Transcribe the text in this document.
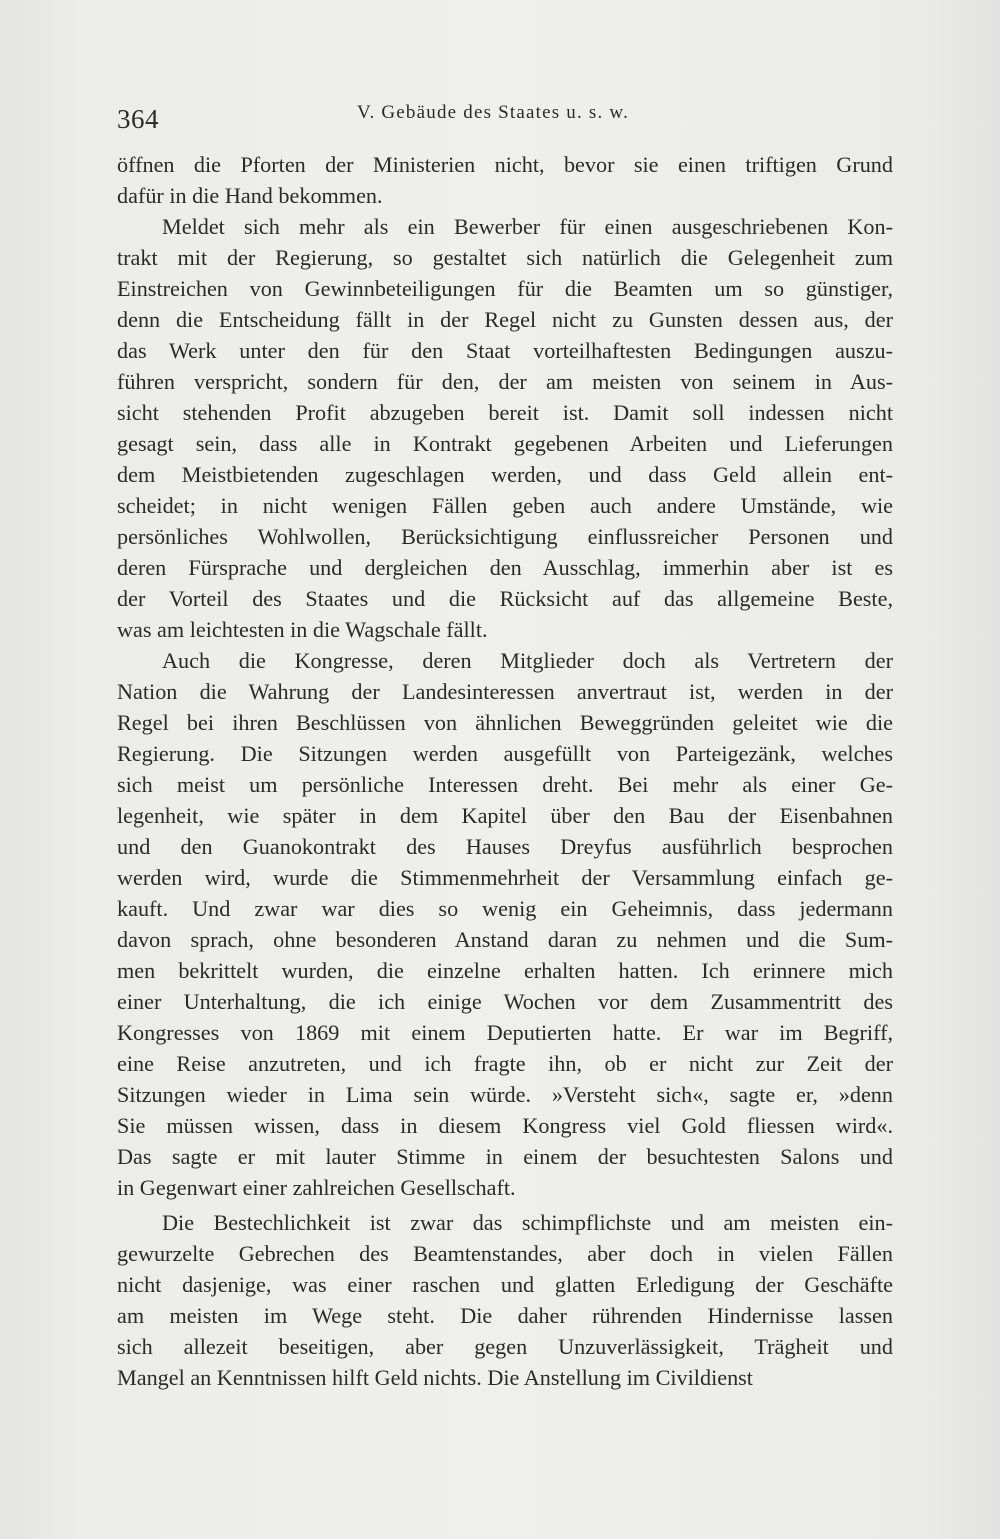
364	V. Gebäude des Staates u. s. w.
öffnen die Pforten der Ministerien nicht, bevor sie einen triftigen Grund
dafür in die Hand bekommen.
Meldet sich mehr als ein Bewerber für einen ausgeschriebenen Kon-
trakt mit der Regierung, so gestaltet sich natürlich die Gelegenheit zum
Einstreichen von Gewinnbeteiligungen für die Beamten um so günstiger,
denn die Entscheidung fällt in der Regel nicht zu Gunsten dessen aus, der
das Werk unter den für den Staat vorteilhaftesten Bedingungen auszu-
führen verspricht, sondern für den, der am meisten von seinem in Aus-
sicht stehenden Profit abzugeben bereit ist. Damit soll indessen nicht
gesagt sein, dass alle in Kontrakt gegebenen Arbeiten und Lieferungen
dem Meistbietenden zugeschlagen werden, und dass Geld allein ent-
scheidet; in nicht wenigen Fällen geben auch andere Umstände, wie
persönliches Wohlwollen, Berücksichtigung einflussreicher Personen und
deren Fürsprache und dergleichen den Ausschlag, immerhin aber ist es
der Vorteil des Staates und die Rücksicht auf das allgemeine Beste,
was am leichtesten in die Wagschale fällt.
Auch die Kongresse, deren Mitglieder doch als Vertretern der
Nation die Wahrung der Landesinteressen anvertraut ist, werden in der
Regel bei ihren Beschlüssen von ähnlichen Beweggründen geleitet wie die
Regierung. Die Sitzungen werden ausgefüllt von Parteigezänk, welches
sich meist um persönliche Interessen dreht. Bei mehr als einer Ge-
legenheit, wie später in dem Kapitel über den Bau der Eisenbahnen
und den Guanokontrakt des Hauses Dreyfus ausführlich besprochen
werden wird, wurde die Stimmenmehrheit der Versammlung einfach ge-
kauft. Und zwar war dies so wenig ein Geheimnis, dass jedermann
davon sprach, ohne besonderen Anstand daran zu nehmen und die Sum-
men bekrittelt wurden, die einzelne erhalten hatten. Ich erinnere mich
einer Unterhaltung, die ich einige Wochen vor dem Zusammentritt des
Kongresses von 1869 mit einem Deputierten hatte. Er war im Begriff,
eine Reise anzutreten, und ich fragte ihn, ob er nicht zur Zeit der
Sitzungen wieder in Lima sein würde. »Versteht sich«, sagte er, »denn
Sie müssen wissen, dass in diesem Kongress viel Gold fliessen wird«.
Das sagte er mit lauter Stimme in einem der besuchtesten Salons und
in Gegenwart einer zahlreichen Gesellschaft.
Die Bestechlichkeit ist zwar das schimpflichste und am meisten ein-
gewurzelte Gebrechen des Beamtenstandes, aber doch in vielen Fällen
nicht dasjenige, was einer raschen und glatten Erledigung der Geschäfte
am meisten im Wege steht. Die daher rührenden Hindernisse lassen
sich allezeit beseitigen, aber gegen Unzuverlässigkeit, Trägheit und
Mangel an Kenntnissen hilft Geld nichts. Die Anstellung im Civildienst
